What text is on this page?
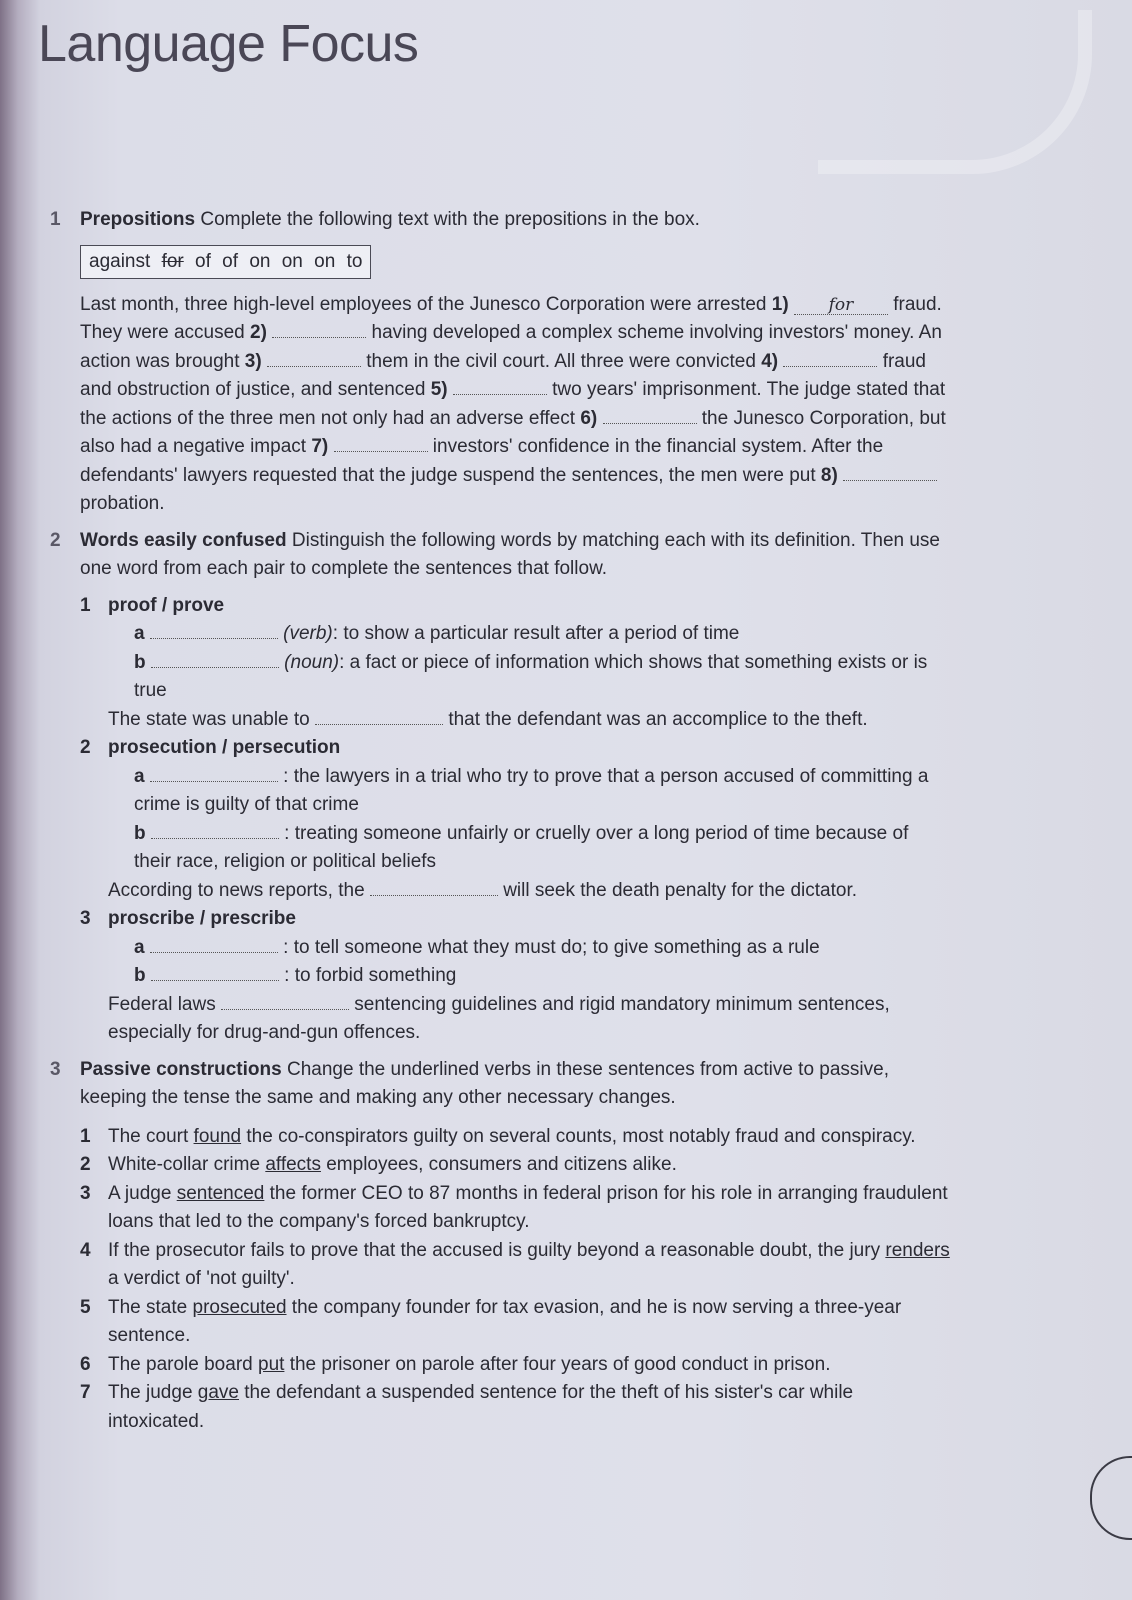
Language Focus
1 Prepositions Complete the following text with the prepositions in the box.
against for of of on on on to
Last month, three high-level employees of the Junesco Corporation were arrested 1) for fraud. They were accused 2)	having developed a complex scheme involving investors' money. An action was brought 3)	them in the civil court. All three were convicted 4)	fraud and obstruction of justice, and sentenced 5)	two years' imprisonment. The judge stated that the actions of the three men not only had an adverse effect 6)	the Junesco Corporation, but also had a negative impact 7)	investors' confidence in the financial system. After the defendants' lawyers requested that the judge suspend the sentences, the men were put 8)  probation.
2 Words easily confused Distinguish the following words by matching each with its definition. Then use one word from each pair to complete the sentences that follow.
1 proof / prove
a	(verb): to show a particular result after a period of time
b	(noun): a fact or piece of information which shows that something exists or is true
The state was unable to	that the defendant was an accomplice to the theft.
2 prosecution / persecution
a	: the lawyers in a trial who try to prove that a person accused of committing a crime is guilty of that crime
b	: treating someone unfairly or cruelly over a long period of time because of their race, religion or political beliefs
According to news reports, the	will seek the death penalty for the dictator.
3 proscribe / prescribe
a	: to tell someone what they must do; to give something as a rule
b	: to forbid something
Federal laws	sentencing guidelines and rigid mandatory minimum sentences, especially for drug-and-gun offences.
3 Passive constructions Change the underlined verbs in these sentences from active to passive, keeping the tense the same and making any other necessary changes.
1 The court found the co-conspirators guilty on several counts, most notably fraud and conspiracy.
2 White-collar crime affects employees, consumers and citizens alike.
3 A judge sentenced the former CEO to 87 months in federal prison for his role in arranging fraudulent loans that led to the company's forced bankruptcy.
4 If the prosecutor fails to prove that the accused is guilty beyond a reasonable doubt, the jury renders a verdict of 'not guilty'.
5 The state prosecuted the company founder for tax evasion, and he is now serving a three-year sentence.
6 The parole board put the prisoner on parole after four years of good conduct in prison.
7 The judge gave the defendant a suspended sentence for the theft of his sister's car while intoxicated.
